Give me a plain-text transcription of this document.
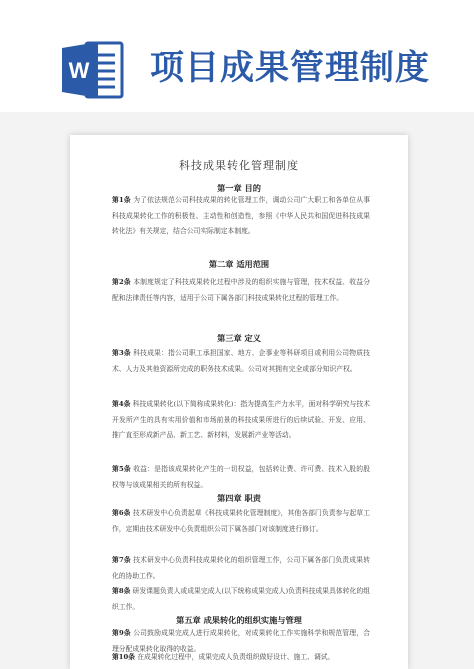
W 项目成果管理制度
科技成果转化管理制度
第一章 目的
第1条 为了依法规范公司科技成果的转化管理工作，调动公司广大职工和各单位从事科技成果转化工作的积极性、主动性和创造性，参照《中华人民共和国促进科技成果转化法》有关规定，结合公司实际制定本制度。
第二章 适用范围
第2条 本制度规定了科技成果转化过程中涉及的组织实施与管理，技术权益、收益分配和法律责任等内容，适用于公司下属各部门科技成果转化过程的管理工作。
第三章 定义
第3条 科技成果：指公司职工承担国家、地方、企事业等科研项目或利用公司物质技术、人力及其他资源所完成的职务技术成果。公司对其拥有完全或部分知识产权。
第4条 科技成果转化(以下简称成果转化)：指为提高生产力水平，面对科学研究与技术开发所产生的具有实用价值和市场前景的科技成果所进行的后续试验、开发、应用、推广直至形成新产品、新工艺、新材料，发展新产业等活动。
第5条 收益：是指该成果转化产生的一切权益，包括转让费、许可费、技术入股的股权等与该成果相关的所有权益。
第四章 职责
第6条 技术研发中心负责起草《科技成果转化管理制度》，其他各部门负责参与起草工作，定期由技术研发中心负责组织公司下属各部门对该制度进行修订。
第7条 技术研发中心负责科技成果转化的组织管理工作，公司下属各部门负责成果转化的协助工作。
第8条 研发课题负责人或成果完成人(以下统称成果完成人)负责科技成果具体转化的组织工作。
第五章 成果转化的组织实施与管理
第9条 公司鼓励成果完成人进行成果转化，对成果转化工作实施科学和规范管理，合理分配成果转化取得的收益。
第10条 在成果转化过程中，成果完成人负责组织做好设计、施工、调试、
